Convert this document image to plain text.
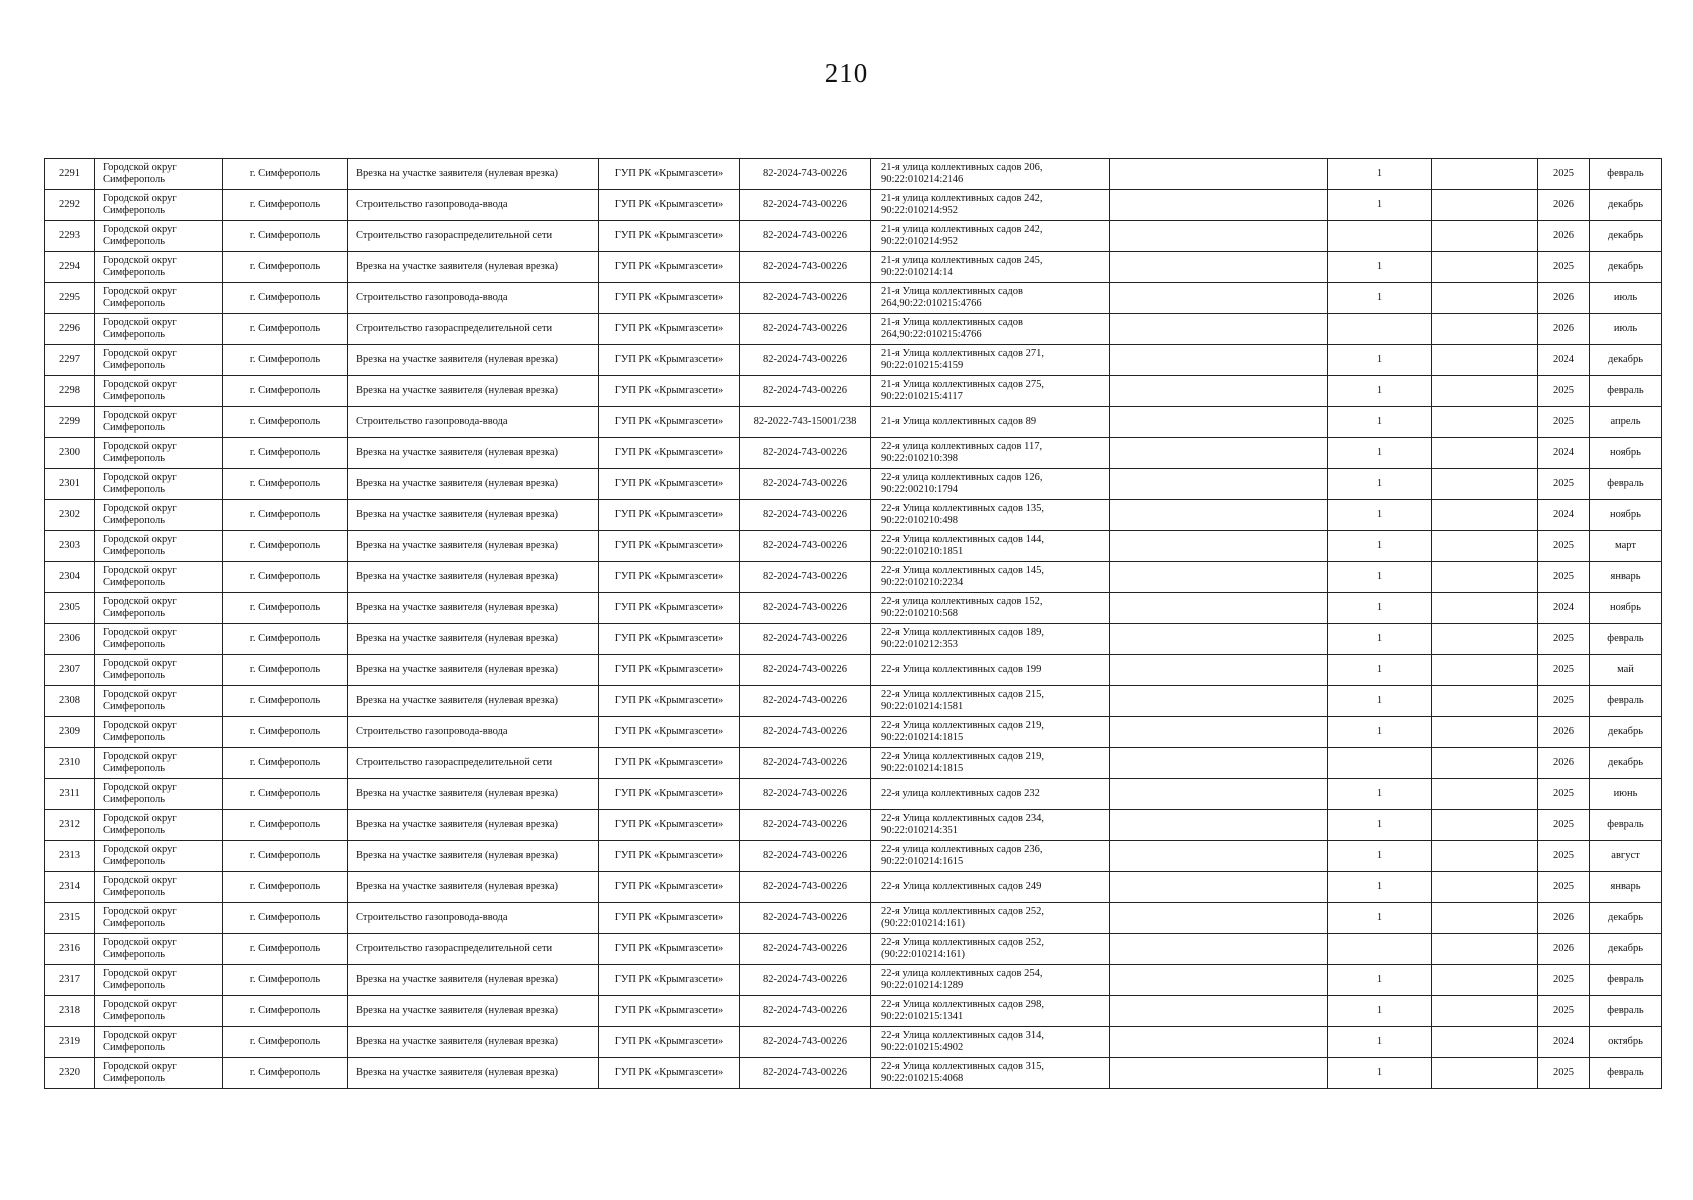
210
2291	Городской округ Симферополь	г. Симферополь	Врезка на участке заявителя (нулевая врезка)	ГУП РК «Крымгазсети»	82-2024-743-00226	21-я улица коллективных садов 206, 90:22:010214:2146		1		2025	февраль
2292	Городской округ Симферополь	г. Симферополь	Строительство газопровода-ввода	ГУП РК «Крымгазсети»	82-2024-743-00226	21-я улица коллективных садов 242, 90:22:010214:952		1		2026	декабрь
2293	Городской округ Симферополь	г. Симферополь	Строительство газораспределительной сети	ГУП РК «Крымгазсети»	82-2024-743-00226	21-я улица коллективных садов 242, 90:22:010214:952				2026	декабрь
2294	Городской округ Симферополь	г. Симферополь	Врезка на участке заявителя (нулевая врезка)	ГУП РК «Крымгазсети»	82-2024-743-00226	21-я улица коллективных садов 245, 90:22:010214:14		1		2025	декабрь
2295	Городской округ Симферополь	г. Симферополь	Строительство газопровода-ввода	ГУП РК «Крымгазсети»	82-2024-743-00226	21-я Улица коллективных садов 264,90:22:010215:4766		1		2026	июль
2296	Городской округ Симферополь	г. Симферополь	Строительство газораспределительной сети	ГУП РК «Крымгазсети»	82-2024-743-00226	21-я Улица коллективных садов 264,90:22:010215:4766				2026	июль
2297	Городской округ Симферополь	г. Симферополь	Врезка на участке заявителя (нулевая врезка)	ГУП РК «Крымгазсети»	82-2024-743-00226	21-я Улица коллективных садов 271, 90:22:010215:4159		1		2024	декабрь
2298	Городской округ Симферополь	г. Симферополь	Врезка на участке заявителя (нулевая врезка)	ГУП РК «Крымгазсети»	82-2024-743-00226	21-я Улица коллективных садов 275, 90:22:010215:4117		1		2025	февраль
2299	Городской округ Симферополь	г. Симферополь	Строительство газопровода-ввода	ГУП РК «Крымгазсети»	82-2022-743-15001/238	21-я Улица коллективных садов 89		1		2025	апрель
2300	Городской округ Симферополь	г. Симферополь	Врезка на участке заявителя (нулевая врезка)	ГУП РК «Крымгазсети»	82-2024-743-00226	22-я улица коллективных садов 117, 90:22:010210:398		1		2024	ноябрь
2301	Городской округ Симферополь	г. Симферополь	Врезка на участке заявителя (нулевая врезка)	ГУП РК «Крымгазсети»	82-2024-743-00226	22-я улица коллективных садов 126, 90:22:00210:1794		1		2025	февраль
2302	Городской округ Симферополь	г. Симферополь	Врезка на участке заявителя (нулевая врезка)	ГУП РК «Крымгазсети»	82-2024-743-00226	22-я Улица коллективных садов 135, 90:22:010210:498		1		2024	ноябрь
2303	Городской округ Симферополь	г. Симферополь	Врезка на участке заявителя (нулевая врезка)	ГУП РК «Крымгазсети»	82-2024-743-00226	22-я Улица коллективных садов 144, 90:22:010210:1851		1		2025	март
2304	Городской округ Симферополь	г. Симферополь	Врезка на участке заявителя (нулевая врезка)	ГУП РК «Крымгазсети»	82-2024-743-00226	22-я Улица коллективных садов 145, 90:22:010210:2234		1		2025	январь
2305	Городской округ Симферополь	г. Симферополь	Врезка на участке заявителя (нулевая врезка)	ГУП РК «Крымгазсети»	82-2024-743-00226	22-я улица коллективных садов 152, 90:22:010210:568		1		2024	ноябрь
2306	Городской округ Симферополь	г. Симферополь	Врезка на участке заявителя (нулевая врезка)	ГУП РК «Крымгазсети»	82-2024-743-00226	22-я Улица коллективных садов 189, 90:22:010212:353		1		2025	февраль
2307	Городской округ Симферополь	г. Симферополь	Врезка на участке заявителя (нулевая врезка)	ГУП РК «Крымгазсети»	82-2024-743-00226	22-я Улица коллективных садов 199		1		2025	май
2308	Городской округ Симферополь	г. Симферополь	Врезка на участке заявителя (нулевая врезка)	ГУП РК «Крымгазсети»	82-2024-743-00226	22-я Улица коллективных садов 215, 90:22:010214:1581		1		2025	февраль
2309	Городской округ Симферополь	г. Симферополь	Строительство газопровода-ввода	ГУП РК «Крымгазсети»	82-2024-743-00226	22-я Улица коллективных садов 219, 90:22:010214:1815		1		2026	декабрь
2310	Городской округ Симферополь	г. Симферополь	Строительство газораспределительной сети	ГУП РК «Крымгазсети»	82-2024-743-00226	22-я Улица коллективных садов 219, 90:22:010214:1815				2026	декабрь
2311	Городской округ Симферополь	г. Симферополь	Врезка на участке заявителя (нулевая врезка)	ГУП РК «Крымгазсети»	82-2024-743-00226	22-я улица коллективных садов 232		1		2025	июнь
2312	Городской округ Симферополь	г. Симферополь	Врезка на участке заявителя (нулевая врезка)	ГУП РК «Крымгазсети»	82-2024-743-00226	22-я Улица коллективных садов 234, 90:22:010214:351		1		2025	февраль
2313	Городской округ Симферополь	г. Симферополь	Врезка на участке заявителя (нулевая врезка)	ГУП РК «Крымгазсети»	82-2024-743-00226	22-я улица коллективных садов 236, 90:22:010214:1615		1		2025	август
2314	Городской округ Симферополь	г. Симферополь	Врезка на участке заявителя (нулевая врезка)	ГУП РК «Крымгазсети»	82-2024-743-00226	22-я Улица коллективных садов 249		1		2025	январь
2315	Городской округ Симферополь	г. Симферополь	Строительство газопровода-ввода	ГУП РК «Крымгазсети»	82-2024-743-00226	22-я Улица коллективных садов 252, (90:22:010214:161)		1		2026	декабрь
2316	Городской округ Симферополь	г. Симферополь	Строительство газораспределительной сети	ГУП РК «Крымгазсети»	82-2024-743-00226	22-я Улица коллективных садов 252, (90:22:010214:161)				2026	декабрь
2317	Городской округ Симферополь	г. Симферополь	Врезка на участке заявителя (нулевая врезка)	ГУП РК «Крымгазсети»	82-2024-743-00226	22-я улица коллективных садов 254, 90:22:010214:1289		1		2025	февраль
2318	Городской округ Симферополь	г. Симферополь	Врезка на участке заявителя (нулевая врезка)	ГУП РК «Крымгазсети»	82-2024-743-00226	22-я Улица коллективных садов 298, 90:22:010215:1341		1		2025	февраль
2319	Городской округ Симферополь	г. Симферополь	Врезка на участке заявителя (нулевая врезка)	ГУП РК «Крымгазсети»	82-2024-743-00226	22-я Улица коллективных садов 314, 90:22:010215:4902		1		2024	октябрь
2320	Городской округ Симферополь	г. Симферополь	Врезка на участке заявителя (нулевая врезка)	ГУП РК «Крымгазсети»	82-2024-743-00226	22-я Улица коллективных садов 315, 90:22:010215:4068		1		2025	февраль
